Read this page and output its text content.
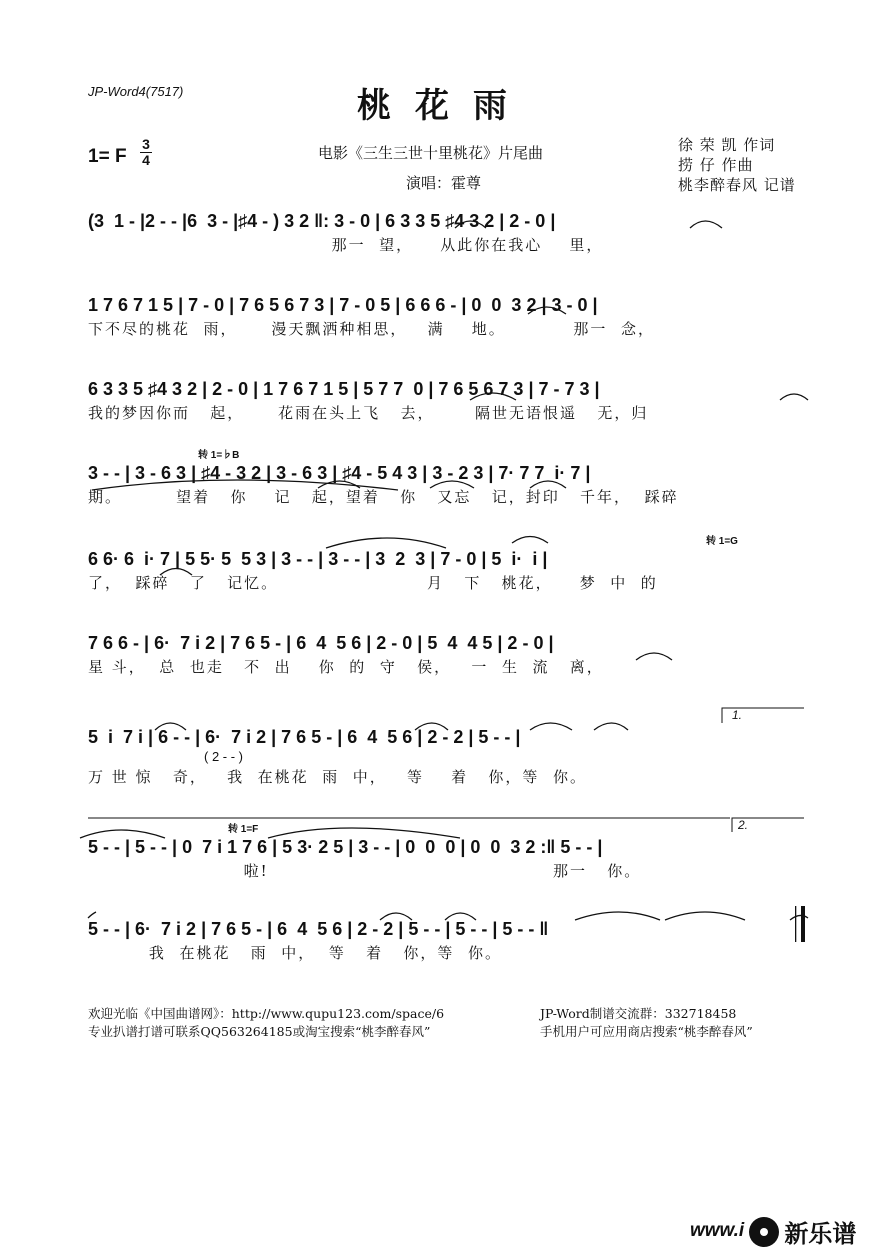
JP-Word4(7517)	桃花雨
1= F
3
4	电影《三生三世十里桃花》片尾曲
演唱：霍尊
徐 荣 凯 作词
捞 仔 作曲
桃李醉春风 记谱
(3  1 - |2 - - |6  3 - |♯4 - ) 3 2 ‖: 3 - 0 | 6 3 3 5 ♯4 3 2 | 2 - 0 |
那一  望，    从此你在我心    里，
1 7 6 7 1 5 | 7 - 0 | 7 6 5 6 7 3 | 7 - 0 5 | 6 6 6 - | 0  0  3 2 | 3 - 0 |
下不尽的桃花  雨，     漫天飘洒种相思，   满    地。          那一  念，
6 3 3 5 ♯4 3 2 | 2 - 0 | 1 7 6 7 1 5 | 5 7 7  0 | 7 6 5 6 7 3 | 7 - 7 3 |
我的梦因你而   起，     花雨在头上飞   去，      隔世无语恨遥   无，归
转 1=♭B
3 - - | 3 - 6 3 | ♯4 - 3 2 | 3 - 6 3 | ♯4 - 5 4 3 | 3 - 2 3 | 7· 7 7  i· 7 |
期。        望着   你    记   起，望着   你   又忘   记，封印   千年，  踩碎
转 1=G
6 6· 6  i· 7 | 5 5· 5  5 3 | 3 - - | 3 - - | 3  2  3 | 7 - 0 | 5  i·  i |
了，  踩碎   了   记忆。                      月   下   桃花，    梦  中  的
7 6 6 - | 6·  7 i 2 | 7 6 5 - | 6  4  5 6 | 2 - 0 | 5  4  4 5 | 2 - 0 |
星 斗，  总  也走   不  出    你  的  守   侯，   一  生  流   离，
1.
5  i  7 i | 6 - - | 6·  7 i 2 | 7 6 5 - | 6  4  5 6 | 2 - 2 | 5 - - |
( 2 - - )
万 世 惊   奇，   我  在桃花  雨  中，   等    着   你，等  你。
转 1=F	2.
5 - - | 5 - - | 0  7 i 1 7 6 | 5 3· 2 5 | 3 - - | 0  0  0 | 0  0  3 2 :‖ 5 - - |
啦!                                          那一   你。
5 - - | 6·  7 i 2 | 7 6 5 - | 6  4  5 6 | 2 - 2 | 5 - - | 5 - - | 5 - - ‖
我  在桃花   雨  中，  等   着   你，等  你。
欢迎光临《中国曲谱网》：http://www.qupu123.com/space/6
专业扒谱打谱可联系QQ563264185或淘宝搜索“桃李醉春风”
JP-Word制谱交流群：332718458
手机用户可应用商店搜索“桃李醉春风”
www.i 新乐谱
